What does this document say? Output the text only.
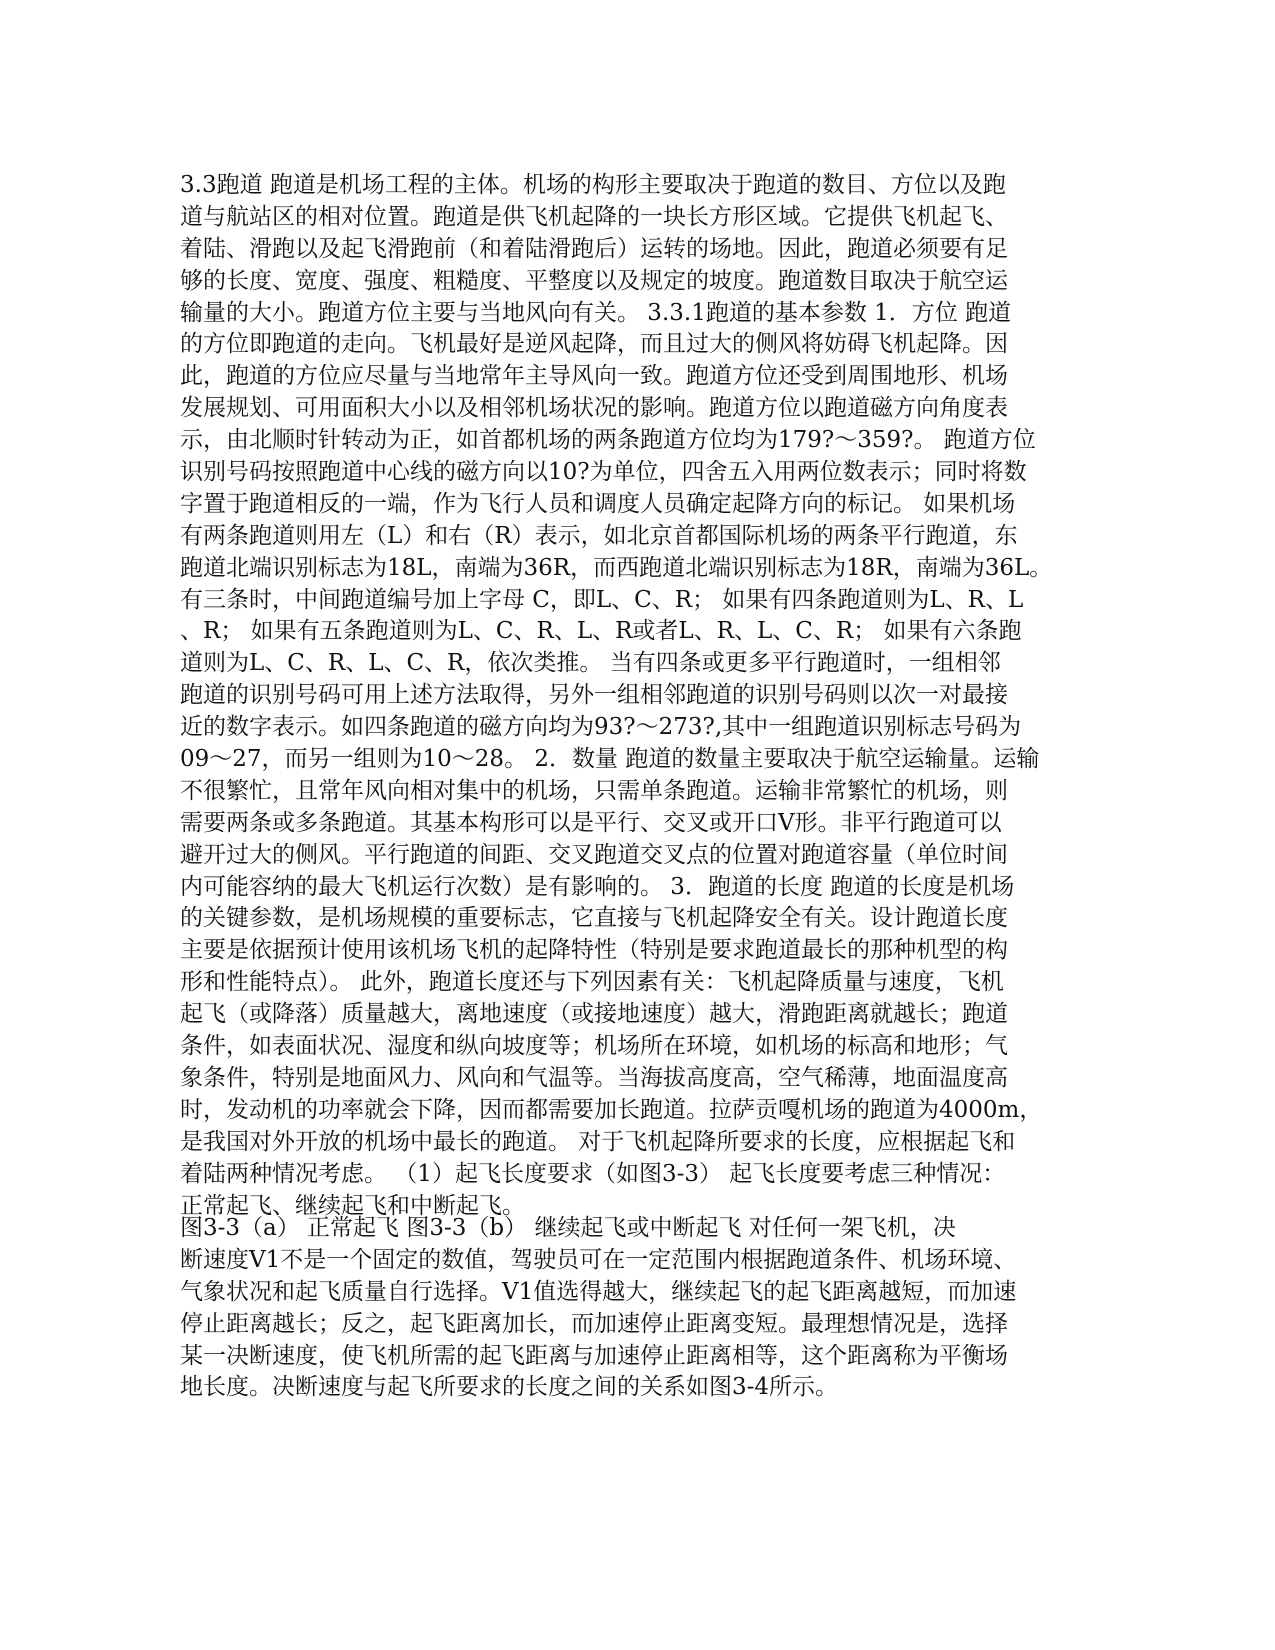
3.3跑道 跑道是机场工程的主体。机场的构形主要取决于跑道的数目、方位以及跑
道与航站区的相对位置。跑道是供飞机起降的一块长方形区域。它提供飞机起飞、
着陆、滑跑以及起飞滑跑前（和着陆滑跑后）运转的场地。因此，跑道必须要有足
够的长度、宽度、强度、粗糙度、平整度以及规定的坡度。跑道数目取决于航空运
输量的大小。跑道方位主要与当地风向有关。 3.3.1跑道的基本参数 1．方位 跑道
的方位即跑道的走向。飞机最好是逆风起降，而且过大的侧风将妨碍飞机起降。因
此，跑道的方位应尽量与当地常年主导风向一致。跑道方位还受到周围地形、机场
发展规划、可用面积大小以及相邻机场状况的影响。跑道方位以跑道磁方向角度表
示，由北顺时针转动为正，如首都机场的两条跑道方位均为179?～359?。 跑道方位
识别号码按照跑道中心线的磁方向以10?为单位，四舍五入用两位数表示；同时将数
字置于跑道相反的一端，作为飞行人员和调度人员确定起降方向的标记。 如果机场
有两条跑道则用左（L）和右（R）表示，如北京首都国际机场的两条平行跑道，东
跑道北端识别标志为18L，南端为36R，而西跑道北端识别标志为18R，南端为36L。
有三条时，中间跑道编号加上字母 C，即L、C、R； 如果有四条跑道则为L、R、L
、R； 如果有五条跑道则为L、C、R、L、R或者L、R、L、C、R； 如果有六条跑
道则为L、C、R、L、C、R，依次类推。 当有四条或更多平行跑道时，一组相邻
跑道的识别号码可用上述方法取得，另外一组相邻跑道的识别号码则以次一对最接
近的数字表示。如四条跑道的磁方向均为93?～273?,其中一组跑道识别标志号码为
09～27，而另一组则为10～28。 2．数量 跑道的数量主要取决于航空运输量。运输
不很繁忙，且常年风向相对集中的机场，只需单条跑道。运输非常繁忙的机场，则
需要两条或多条跑道。其基本构形可以是平行、交叉或开口V形。非平行跑道可以
避开过大的侧风。平行跑道的间距、交叉跑道交叉点的位置对跑道容量（单位时间
内可能容纳的最大飞机运行次数）是有影响的。 3．跑道的长度 跑道的长度是机场
的关键参数，是机场规模的重要标志，它直接与飞机起降安全有关。设计跑道长度
主要是依据预计使用该机场飞机的起降特性（特别是要求跑道最长的那种机型的构
形和性能特点）。 此外，跑道长度还与下列因素有关：飞机起降质量与速度，飞机
起飞（或降落）质量越大，离地速度（或接地速度）越大，滑跑距离就越长；跑道
条件，如表面状况、湿度和纵向坡度等；机场所在环境，如机场的标高和地形；气
象条件，特别是地面风力、风向和气温等。当海拔高度高，空气稀薄，地面温度高
时，发动机的功率就会下降，因而都需要加长跑道。拉萨贡嘎机场的跑道为4000m，
是我国对外开放的机场中最长的跑道。 对于飞机起降所要求的长度，应根据起飞和
着陆两种情况考虑。 （1）起飞长度要求（如图3-3） 起飞长度要考虑三种情况：
正常起飞、继续起飞和中断起飞。
图3-3（a） 正常起飞 图3-3（b） 继续起飞或中断起飞 对任何一架飞机，决
断速度V1不是一个固定的数值，驾驶员可在一定范围内根据跑道条件、机场环境、
气象状况和起飞质量自行选择。V1值选得越大，继续起飞的起飞距离越短，而加速
停止距离越长；反之，起飞距离加长，而加速停止距离变短。最理想情况是，选择
某一决断速度，使飞机所需的起飞距离与加速停止距离相等，这个距离称为平衡场
地长度。决断速度与起飞所要求的长度之间的关系如图3-4所示。
